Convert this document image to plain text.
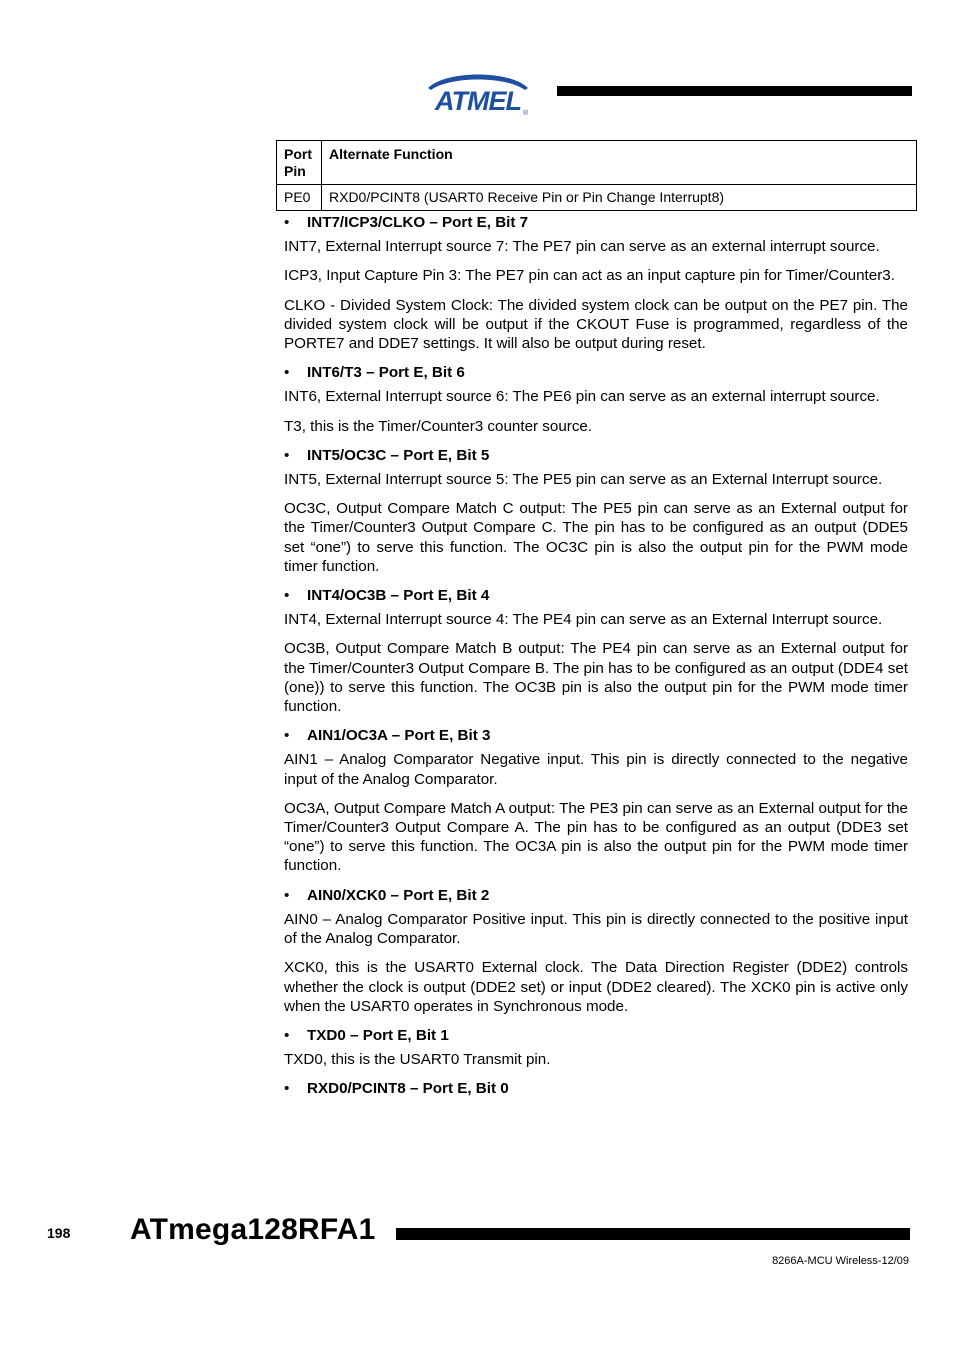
ATMEL ®
Port Pin	Alternate Function
PE0	RXD0/PCINT8 (USART0 Receive Pin or Pin Change Interrupt8)
• INT7/ICP3/CLKO – Port E, Bit 7

INT7, External Interrupt source 7: The PE7 pin can serve as an external interrupt source.

ICP3, Input Capture Pin 3: The PE7 pin can act as an input capture pin for Timer/Counter3.

CLKO - Divided System Clock: The divided system clock can be output on the PE7 pin. The divided system clock will be output if the CKOUT Fuse is programmed, regardless of the PORTE7 and DDE7 settings. It will also be output during reset.

• INT6/T3 – Port E, Bit 6

INT6, External Interrupt source 6: The PE6 pin can serve as an external interrupt source.

T3, this is the Timer/Counter3 counter source.

• INT5/OC3C – Port E, Bit 5

INT5, External Interrupt source 5: The PE5 pin can serve as an External Interrupt source.

OC3C, Output Compare Match C output: The PE5 pin can serve as an External output for the Timer/Counter3 Output Compare C. The pin has to be configured as an output (DDE5 set “one”) to serve this function. The OC3C pin is also the output pin for the PWM mode timer function.

• INT4/OC3B – Port E, Bit 4

INT4, External Interrupt source 4: The PE4 pin can serve as an External Interrupt source.

OC3B, Output Compare Match B output: The PE4 pin can serve as an External output for the Timer/Counter3 Output Compare B. The pin has to be configured as an output (DDE4 set (one)) to serve this function. The OC3B pin is also the output pin for the PWM mode timer function.

• AIN1/OC3A – Port E, Bit 3

AIN1 – Analog Comparator Negative input. This pin is directly connected to the negative input of the Analog Comparator.

OC3A, Output Compare Match A output: The PE3 pin can serve as an External output for the Timer/Counter3 Output Compare A. The pin has to be configured as an output (DDE3 set “one”) to serve this function. The OC3A pin is also the output pin for the PWM mode timer function.

• AIN0/XCK0 – Port E, Bit 2

AIN0 – Analog Comparator Positive input. This pin is directly connected to the positive input of the Analog Comparator.

XCK0, this is the USART0 External clock. The Data Direction Register (DDE2) controls whether the clock is output (DDE2 set) or input (DDE2 cleared). The XCK0 pin is active only when the USART0 operates in Synchronous mode.

• TXD0 – Port E, Bit 1

TXD0, this is the USART0 Transmit pin.

• RXD0/PCINT8 – Port E, Bit 0
198 ATmega128RFA1
8266A-MCU Wireless-12/09
